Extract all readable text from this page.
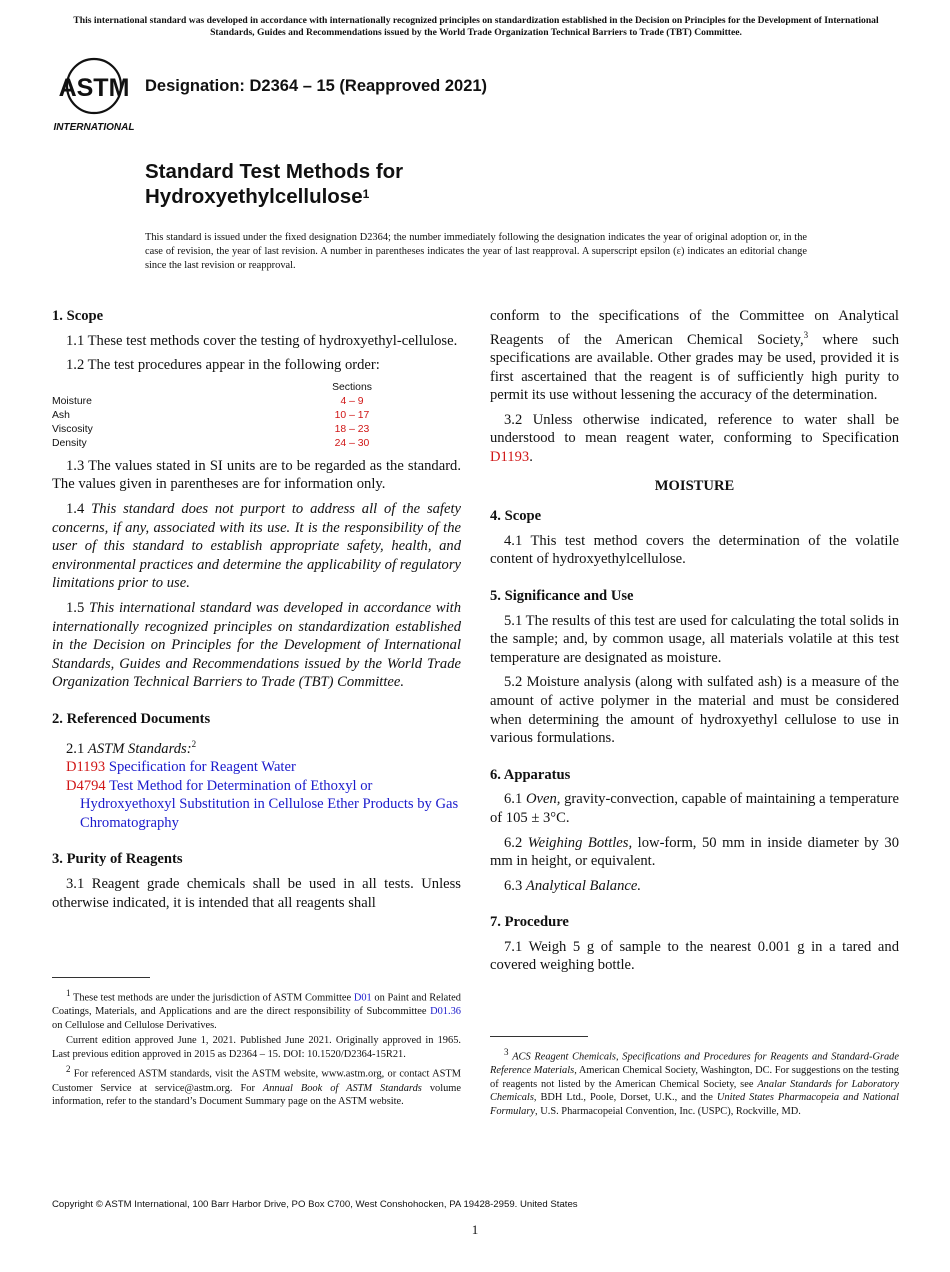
This international standard was developed in accordance with internationally recognized principles on standardization established in the Decision on Principles for the Development of International Standards, Guides and Recommendations issued by the World Trade Organization Technical Barriers to Trade (TBT) Committee.
ASTM
INTERNATIONAL
Designation: D2364 – 15 (Reapproved 2021)
Standard Test Methods for
Hydroxyethylcellulose$^1$
This standard is issued under the fixed designation D2364; the number immediately following the designation indicates the year of original adoption or, in the case of revision, the year of last revision. A number in parentheses indicates the year of last reapproval. A superscript epsilon (ε) indicates an editorial change since the last revision or reapproval.
1. Scope

1.1 These test methods cover the testing of hydroxyethyl-cellulose.

1.2 The test procedures appear in the following order:

Sections
Moisture	4 – 9
Ash	10 – 17
Viscosity	18 – 23
Density	24 – 30

1.3 The values stated in SI units are to be regarded as the standard. The values given in parentheses are for information only.

1.4 This standard does not purport to address all of the safety concerns, if any, associated with its use. It is the responsibility of the user of this standard to establish appropriate safety, health, and environmental practices and determine the applicability of regulatory limitations prior to use.

1.5 This international standard was developed in accordance with internationally recognized principles on standardization established in the Decision on Principles for the Development of International Standards, Guides and Recommendations issued by the World Trade Organization Technical Barriers to Trade (TBT) Committee.

2. Referenced Documents

2.1 ASTM Standards:$^2$

D1193 Specification for Reagent Water

D4794 Test Method for Determination of Ethoxyl or Hydroxyethoxyl Substitution in Cellulose Ether Products by Gas Chromatography

3. Purity of Reagents

3.1 Reagent grade chemicals shall be used in all tests. Unless otherwise indicated, it is intended that all reagents shall

$^1$ These test methods are under the jurisdiction of ASTM Committee D01 on Paint and Related Coatings, Materials, and Applications and are the direct responsibility of Subcommittee D01.36 on Cellulose and Cellulose Derivatives.

Current edition approved June 1, 2021. Published June 2021. Originally approved in 1965. Last previous edition approved in 2015 as D2364 – 15. DOI: 10.1520/D2364-15R21.

$^2$ For referenced ASTM standards, visit the ASTM website, www.astm.org, or contact ASTM Customer Service at service@astm.org. For Annual Book of ASTM Standards volume information, refer to the standard’s Document Summary page on the ASTM website.

conform to the specifications of the Committee on Analytical Reagents of the American Chemical Society,$^3$ where such specifications are available. Other grades may be used, provided it is first ascertained that the reagent is of sufficiently high purity to permit its use without lessening the accuracy of the determination.

3.2 Unless otherwise indicated, reference to water shall be understood to mean reagent water, conforming to Specification D1193.

MOISTURE
4. Scope

4.1 This test method covers the determination of the volatile content of hydroxyethylcellulose.

5. Significance and Use

5.1 The results of this test are used for calculating the total solids in the sample; and, by common usage, all materials volatile at this test temperature are designated as moisture.

5.2 Moisture analysis (along with sulfated ash) is a measure of the amount of active polymer in the material and must be considered when determining the amount of hydroxyethyl cellulose to use in various formulations.

6. Apparatus

6.1 Oven, gravity-convection, capable of maintaining a temperature of 105 ± 3°C.

6.2 Weighing Bottles, low-form, 50 mm in inside diameter by 30 mm in height, or equivalent.

6.3 Analytical Balance.

7. Procedure

7.1 Weigh 5 g of sample to the nearest 0.001 g in a tared and covered weighing bottle.

$^3$ ACS Reagent Chemicals, Specifications and Procedures for Reagents and Standard-Grade Reference Materials, American Chemical Society, Washington, DC. For suggestions on the testing of reagents not listed by the American Chemical Society, see Analar Standards for Laboratory Chemicals, BDH Ltd., Poole, Dorset, U.K., and the United States Pharmacopeia and National Formulary, U.S. Pharmacopeial Convention, Inc. (USPC), Rockville, MD.

Copyright © ASTM International, 100 Barr Harbor Drive, PO Box C700, West Conshohocken, PA 19428-2959. United States
1
